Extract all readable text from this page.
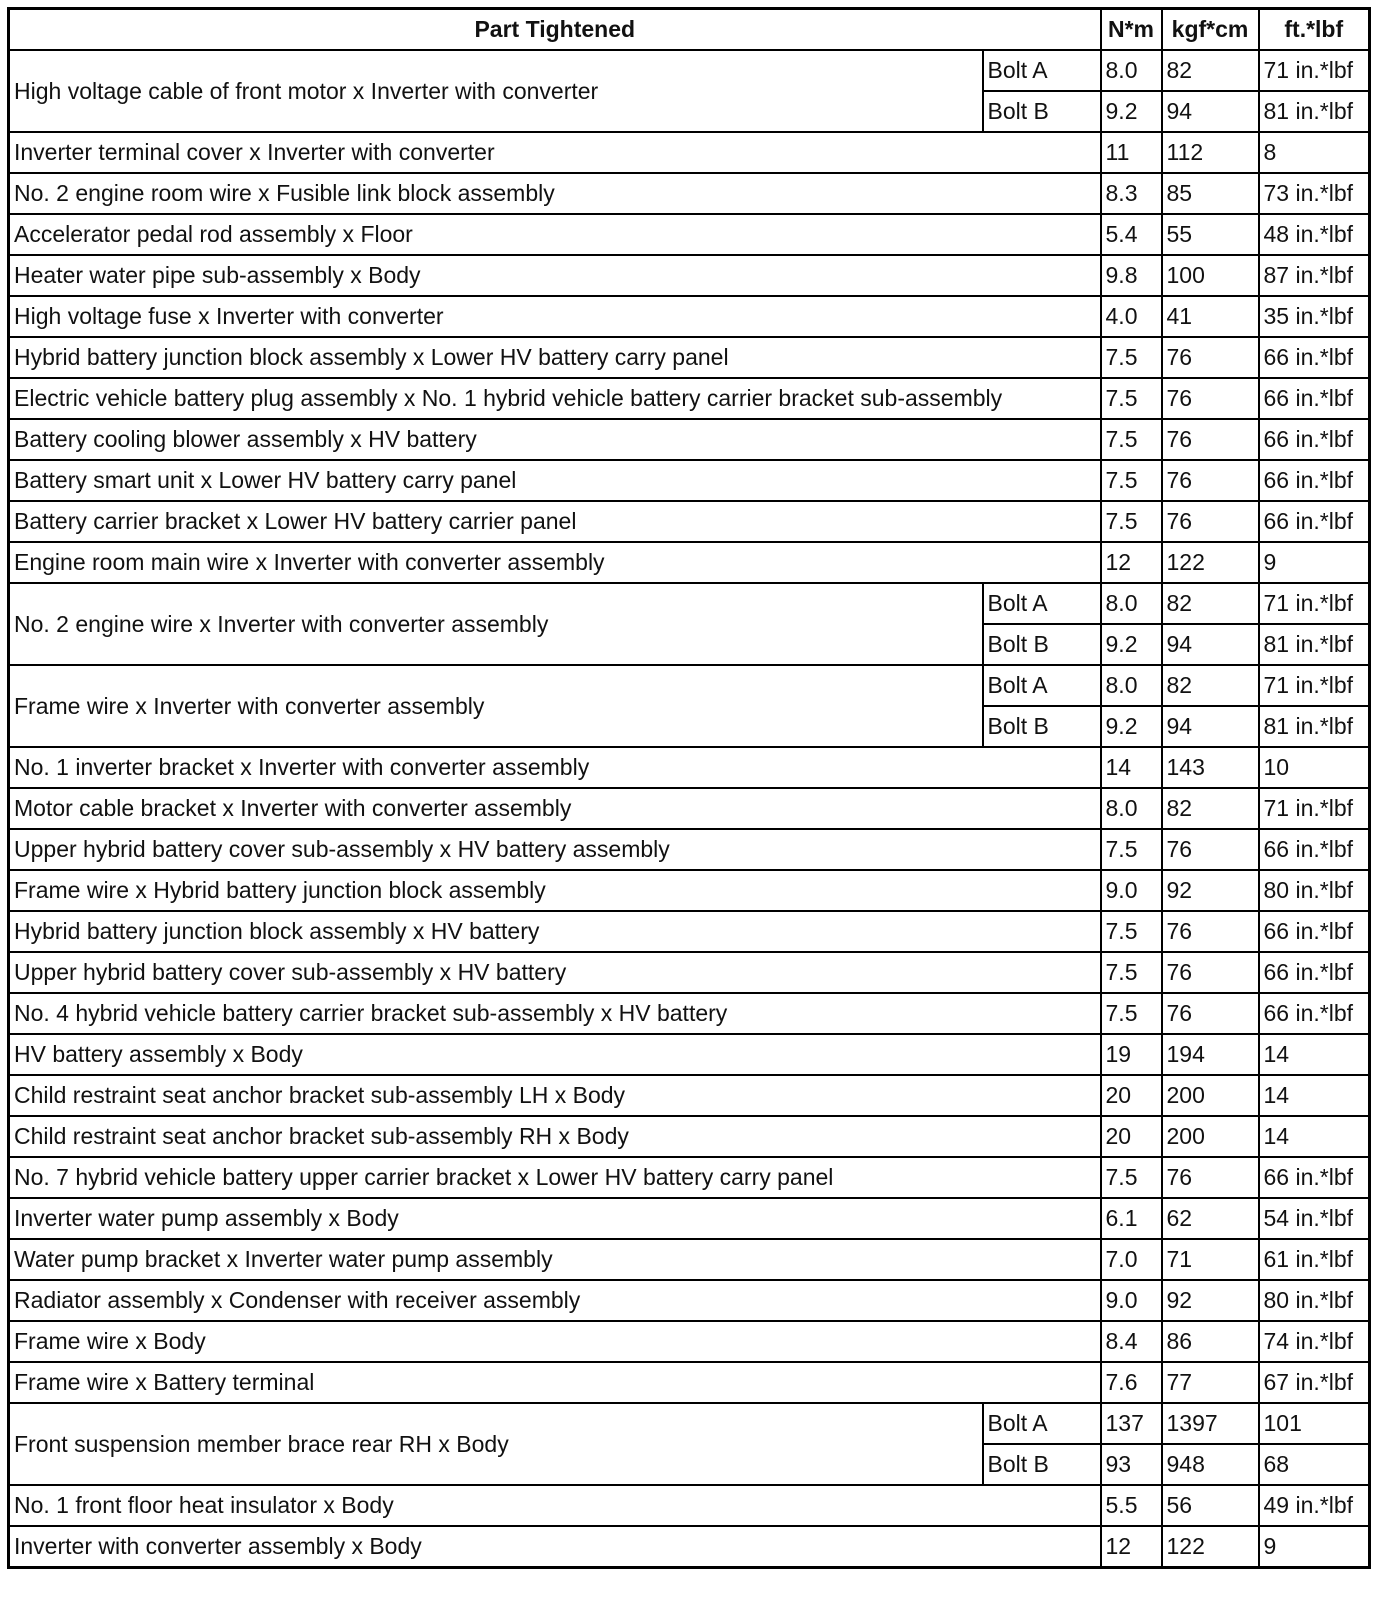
Part Tightened		N*m	kgf*cm	ft.*lbf
High voltage cable of front motor x Inverter with converter	Bolt A	8.0	82	71 in.*lbf
	Bolt B	9.2	94	81 in.*lbf
Inverter terminal cover x Inverter with converter		11	112	8
No. 2 engine room wire x Fusible link block assembly		8.3	85	73 in.*lbf
Accelerator pedal rod assembly x Floor		5.4	55	48 in.*lbf
Heater water pipe sub-assembly x Body		9.8	100	87 in.*lbf
High voltage fuse x Inverter with converter		4.0	41	35 in.*lbf
Hybrid battery junction block assembly x Lower HV battery carry panel		7.5	76	66 in.*lbf
Electric vehicle battery plug assembly x No. 1 hybrid vehicle battery carrier bracket sub-assembly		7.5	76	66 in.*lbf
Battery cooling blower assembly x HV battery		7.5	76	66 in.*lbf
Battery smart unit x Lower HV battery carry panel		7.5	76	66 in.*lbf
Battery carrier bracket x Lower HV battery carrier panel		7.5	76	66 in.*lbf
Engine room main wire x Inverter with converter assembly		12	122	9
No. 2 engine wire x Inverter with converter assembly	Bolt A	8.0	82	71 in.*lbf
	Bolt B	9.2	94	81 in.*lbf
Frame wire x Inverter with converter assembly	Bolt A	8.0	82	71 in.*lbf
	Bolt B	9.2	94	81 in.*lbf
No. 1 inverter bracket x Inverter with converter assembly		14	143	10
Motor cable bracket x Inverter with converter assembly		8.0	82	71 in.*lbf
Upper hybrid battery cover sub-assembly x HV battery assembly		7.5	76	66 in.*lbf
Frame wire x Hybrid battery junction block assembly		9.0	92	80 in.*lbf
Hybrid battery junction block assembly x HV battery		7.5	76	66 in.*lbf
Upper hybrid battery cover sub-assembly x HV battery		7.5	76	66 in.*lbf
No. 4 hybrid vehicle battery carrier bracket sub-assembly x HV battery		7.5	76	66 in.*lbf
HV battery assembly x Body		19	194	14
Child restraint seat anchor bracket sub-assembly LH x Body		20	200	14
Child restraint seat anchor bracket sub-assembly RH x Body		20	200	14
No. 7 hybrid vehicle battery upper carrier bracket x Lower HV battery carry panel		7.5	76	66 in.*lbf
Inverter water pump assembly x Body		6.1	62	54 in.*lbf
Water pump bracket x Inverter water pump assembly		7.0	71	61 in.*lbf
Radiator assembly x Condenser with receiver assembly		9.0	92	80 in.*lbf
Frame wire x Body		8.4	86	74 in.*lbf
Frame wire x Battery terminal		7.6	77	67 in.*lbf
Front suspension member brace rear RH x Body	Bolt A	137	1397	101
	Bolt B	93	948	68
No. 1 front floor heat insulator x Body		5.5	56	49 in.*lbf
Inverter with converter assembly x Body		12	122	9
